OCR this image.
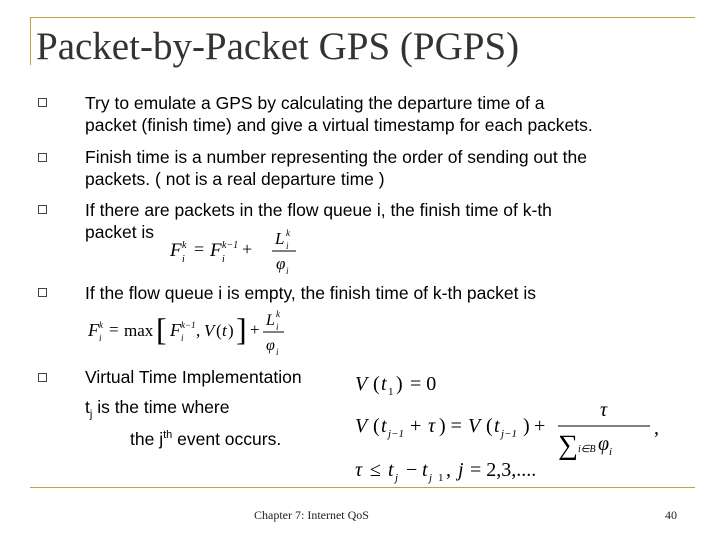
Packet-by-Packet GPS (PGPS)
Try to emulate a GPS by calculating the departure time of a
packet (finish time) and give a virtual timestamp for each packets.
Finish time is a number representing the order of sending out the
packets. ( not is a real departure time )
If there are packets in the flow queue i, the finish time of k-th
packet is
F k
i
= F k−1
i
+
L k
i
φ i
If the flow queue i is empty, the finish time of k-th packet is
F k
i = max [ F k−1
i , V ( t ) ] + L k
i
φ i
Virtual Time Implementation
$t_j$ is the time where
the $j^{th}$ event occurs.
V ( t 1 ) = 0
V ( t j−1 + τ ) = V ( t j−1 ) +
τ
∑ i∈B φ i
,
τ ≤ t j − t j 1 , j = 2,3,....
Chapter 7: Internet QoS	40
